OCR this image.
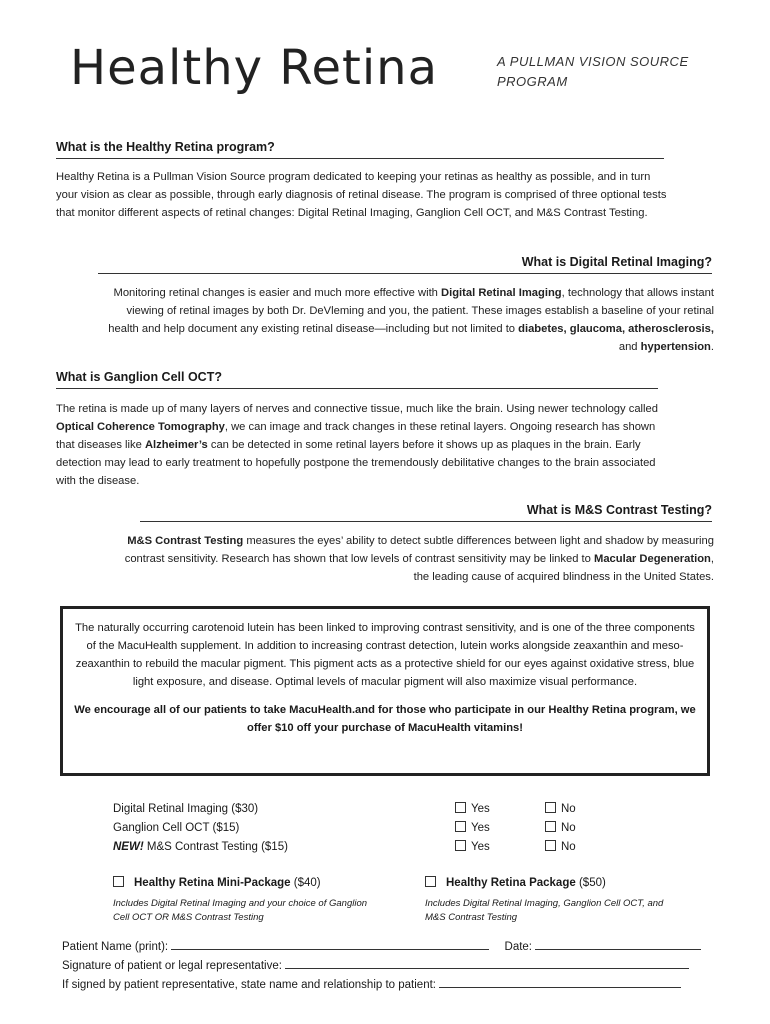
Healthy Retina	A PULLMAN VISION SOURCE PROGRAM
What is the Healthy Retina program?
Healthy Retina is a Pullman Vision Source program dedicated to keeping your retinas as healthy as possible, and in turn your vision as clear as possible, through early diagnosis of retinal disease. The program is comprised of three optional tests that monitor different aspects of retinal changes: Digital Retinal Imaging, Ganglion Cell OCT, and M&S Contrast Testing.
What is Digital Retinal Imaging?
Monitoring retinal changes is easier and much more effective with Digital Retinal Imaging, technology that allows instant viewing of retinal images by both Dr. DeVleming and you, the patient. These images establish a baseline of your retinal health and help document any existing retinal disease—including but not limited to diabetes, glaucoma, atherosclerosis, and hypertension.
What is Ganglion Cell OCT?
The retina is made up of many layers of nerves and connective tissue, much like the brain. Using newer technology called Optical Coherence Tomography, we can image and track changes in these retinal layers. Ongoing research has shown that diseases like Alzheimer’s can be detected in some retinal layers before it shows up as plaques in the brain. Early detection may lead to early treatment to hopefully postpone the tremendously debilitative changes to the brain associated with the disease.
What is M&S Contrast Testing?
M&S Contrast Testing measures the eyes’ ability to detect subtle differences between light and shadow by measuring contrast sensitivity. Research has shown that low levels of contrast sensitivity may be linked to Macular Degeneration, the leading cause of acquired blindness in the United States.
The naturally occurring carotenoid lutein has been linked to improving contrast sensitivity, and is one of the three components of the MacuHealth supplement. In addition to increasing contrast detection, lutein works alongside zeaxanthin and meso-zeaxanthin to rebuild the macular pigment. This pigment acts as a protective shield for our eyes against oxidative stress, blue light exposure, and disease. Optimal levels of macular pigment will also maximize visual performance.
We encourage all of our patients to take MacuHealth.and for those who participate in our Healthy Retina program, we offer $10 off your purchase of MacuHealth vitamins!
Digital Retinal Imaging ($30)
Ganglion Cell OCT ($15)
NEW! M&S Contrast Testing ($15)
Yes
Yes
Yes
No
No
No
Healthy Retina Mini-Package ($40)
Includes Digital Retinal Imaging and your choice of Ganglion Cell OCT OR M&S Contrast Testing
Healthy Retina Package ($50)
Includes Digital Retinal Imaging, Ganglion Cell OCT, and M&S Contrast Testing
Patient Name (print):	Date:
Signature of patient or legal representative:
If signed by patient representative, state name and relationship to patient:
